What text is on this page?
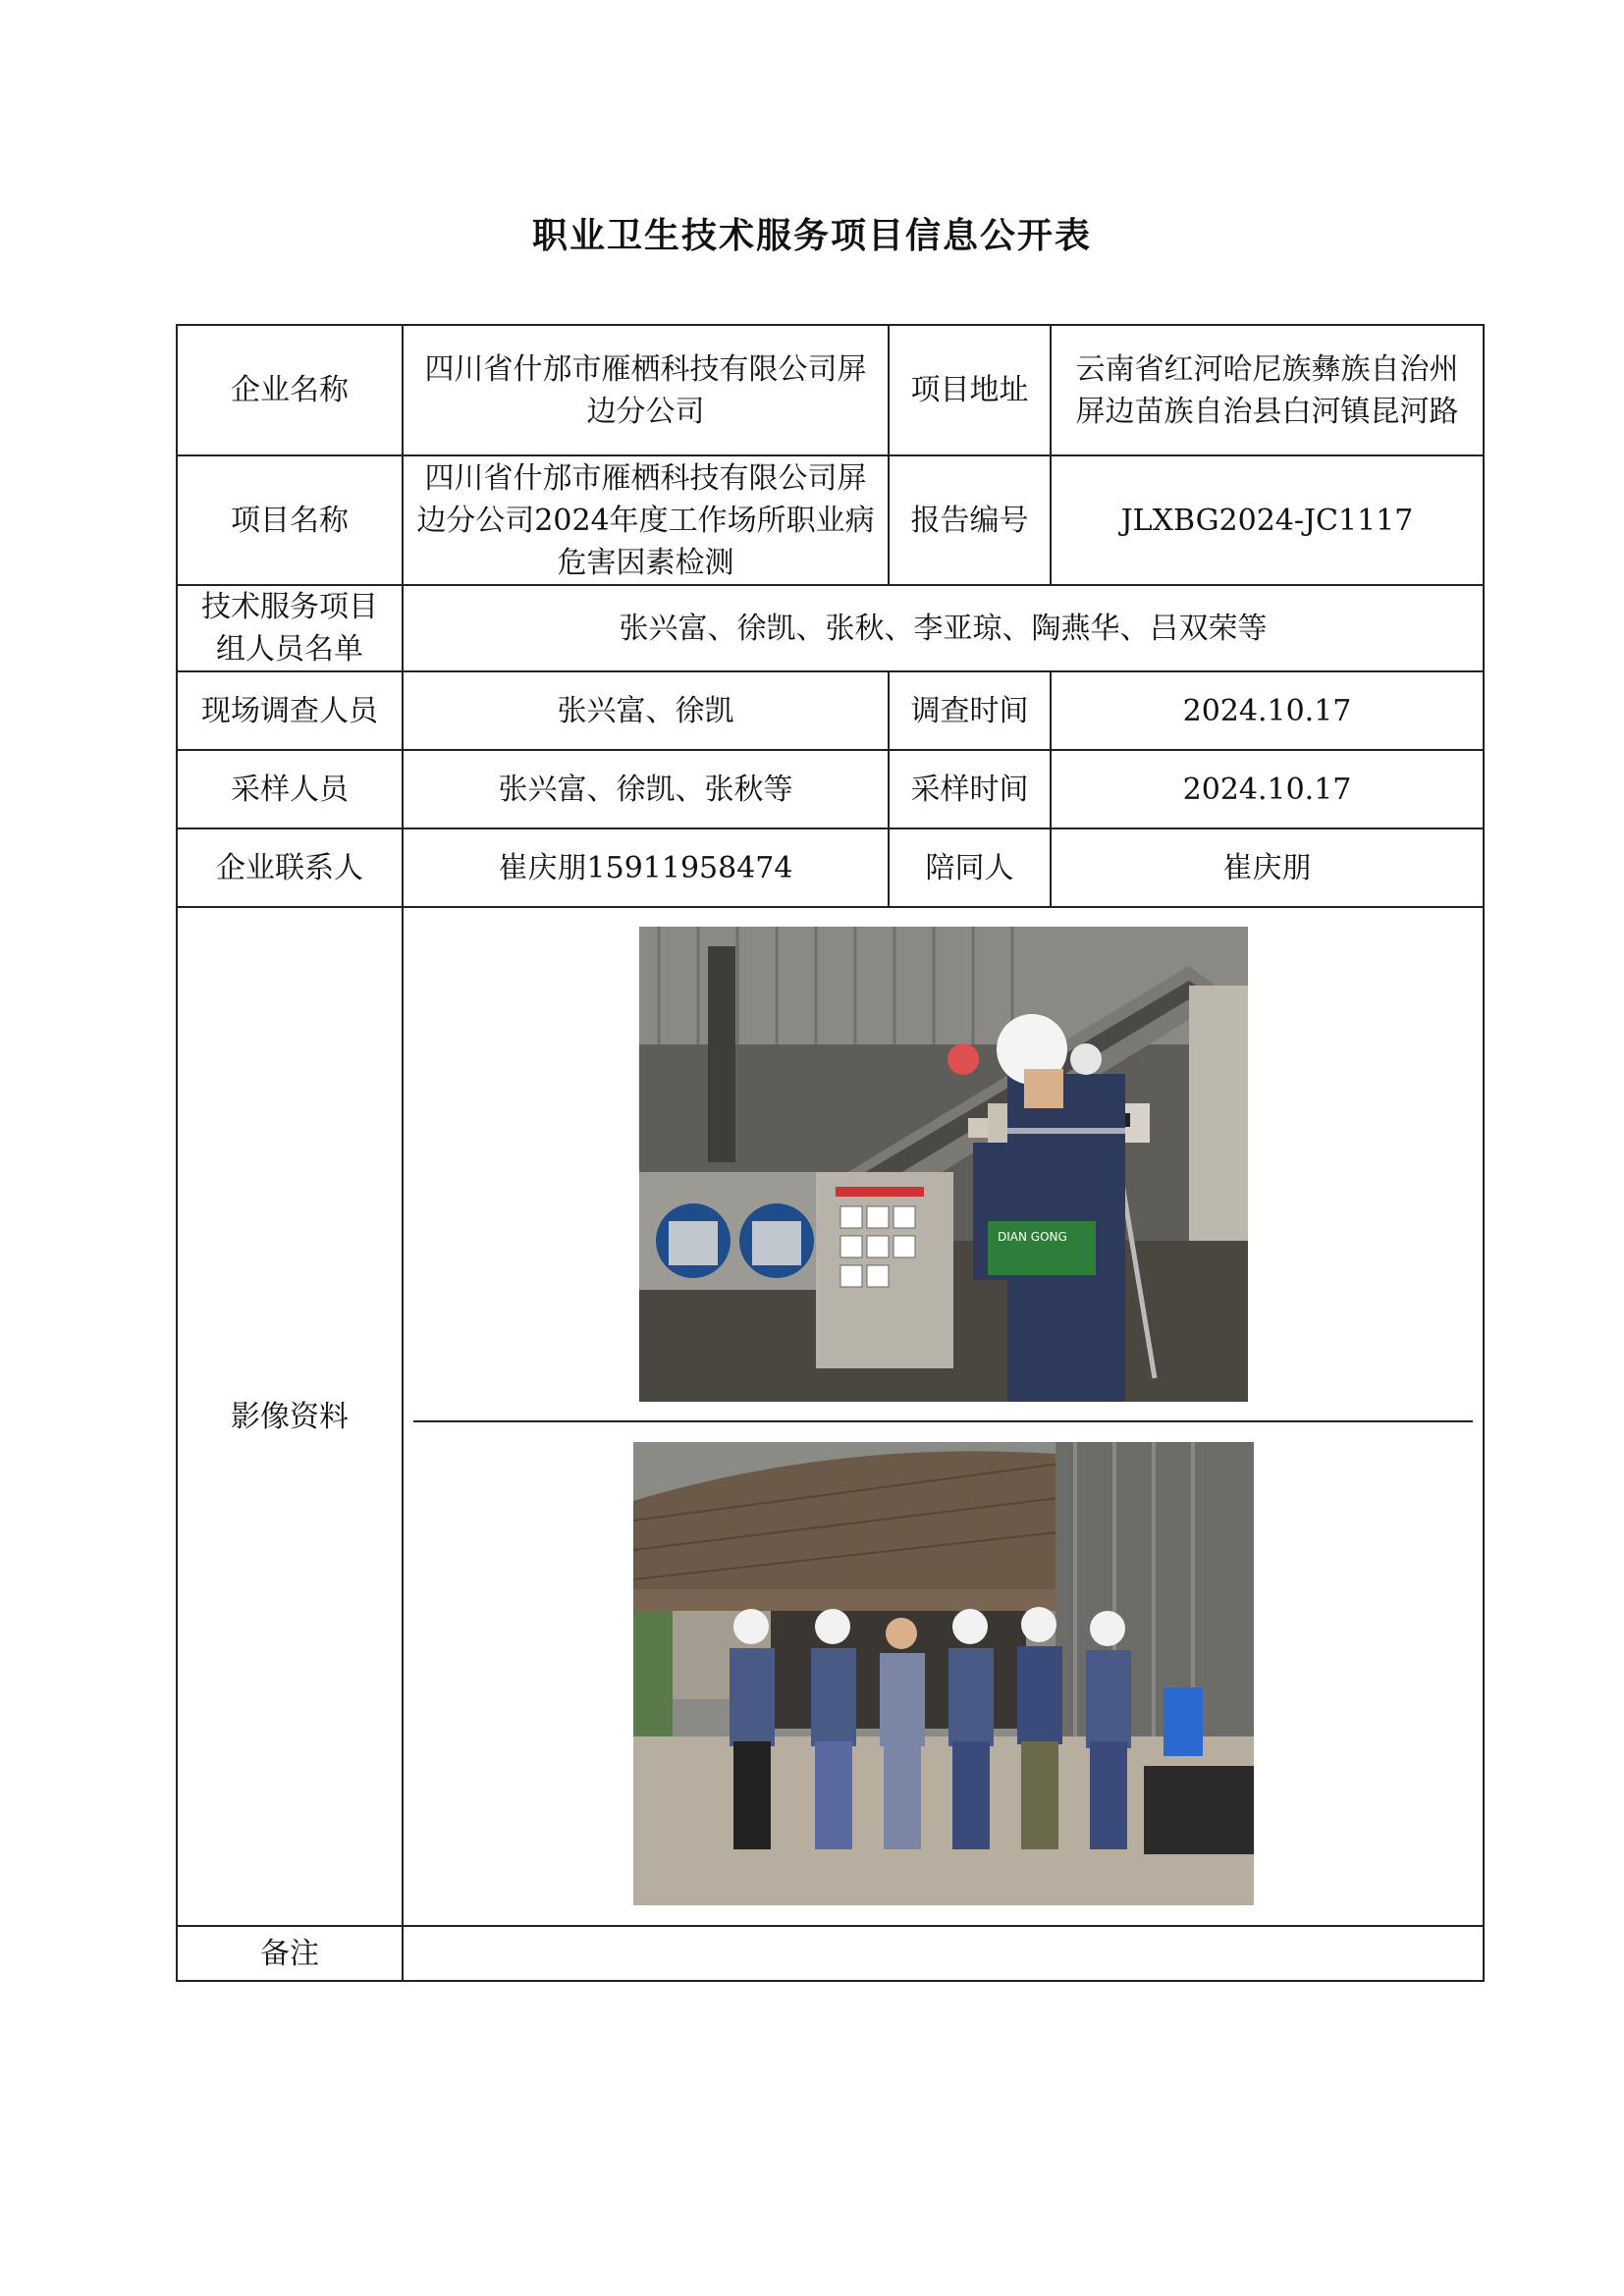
职业卫生技术服务项目信息公开表
企业名称	四川省什邡市雁栖科技有限公司屏边分公司	项目地址	云南省红河哈尼族彝族自治州屏边苗族自治县白河镇昆河路
项目名称	四川省什邡市雁栖科技有限公司屏边分公司2024年度工作场所职业病危害因素检测	报告编号	JLXBG2024-JC1117
技术服务项目组人员名单	张兴富、徐凯、张秋、李亚琼、陶燕华、吕双荣等		
现场调查人员	张兴富、徐凯	调查时间	2024.10.17
采样人员	张兴富、徐凯、张秋等	采样时间	2024.10.17
企业联系人	崔庆朋15911958474	陪同人	崔庆朋
影像资料	DIAN GONG		

备注			
